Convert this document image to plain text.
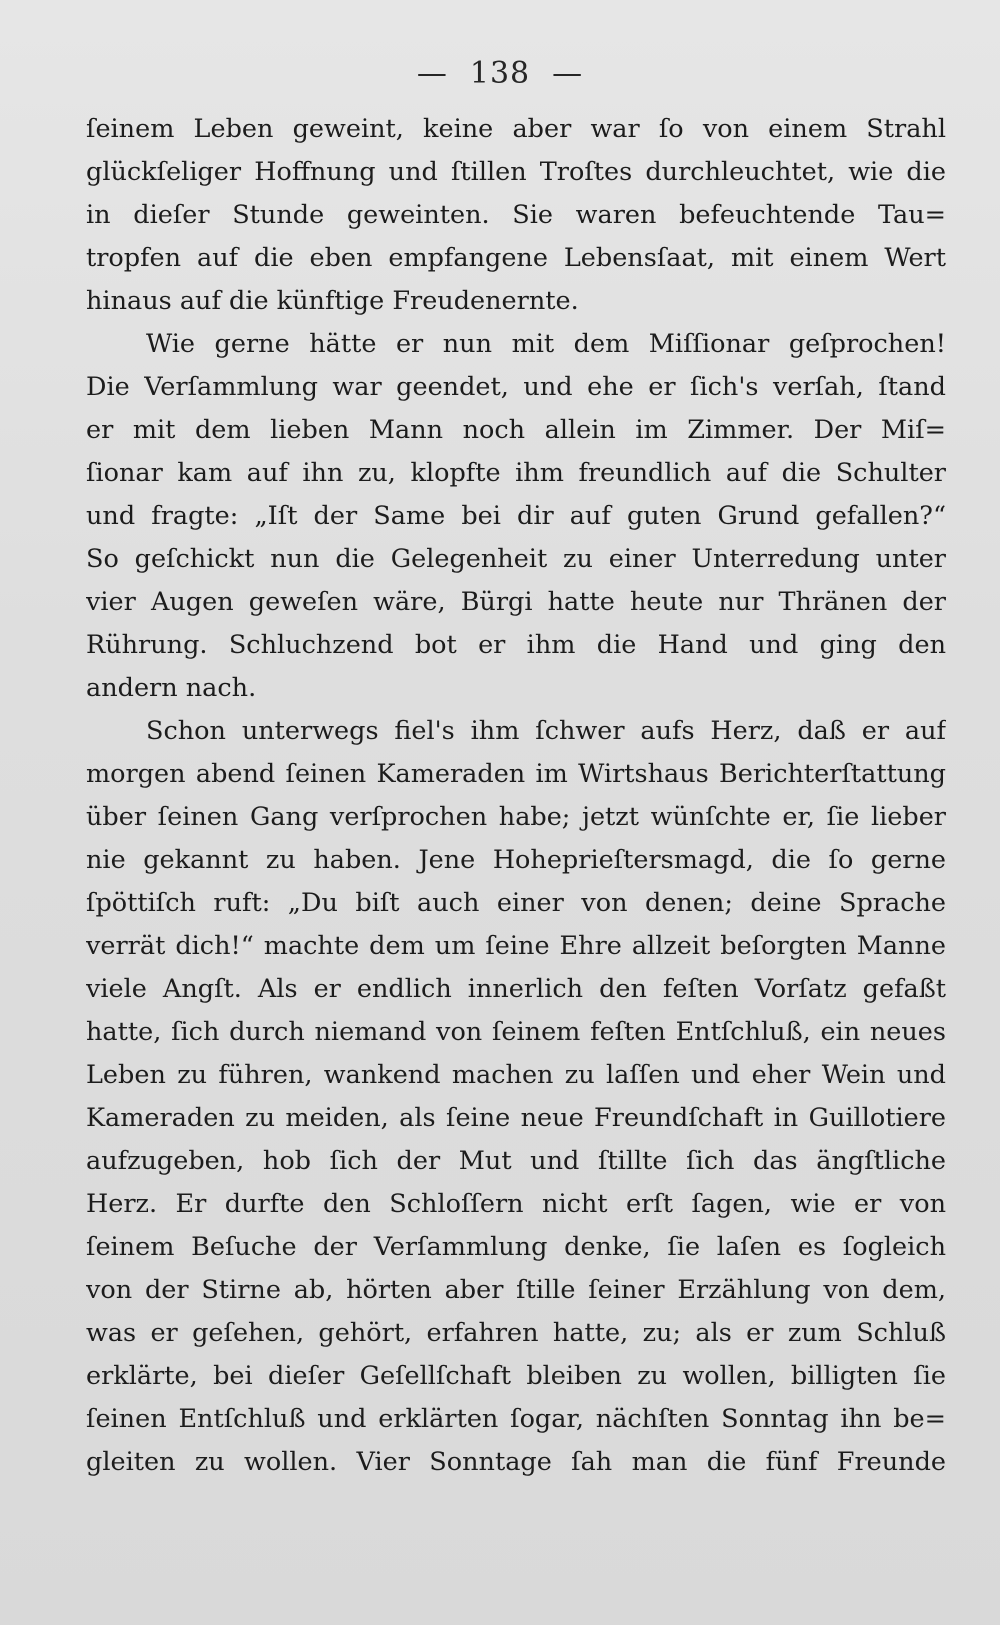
— 138 —
ſeinem Leben geweint, keine aber war ſo von einem Strahl
glückſeliger Hoffnung und ſtillen Troſtes durchleuchtet, wie die
in dieſer Stunde geweinten. Sie waren befeuchtende Tau=
tropfen auf die eben empfangene Lebensſaat, mit einem Wert
hinaus auf die künftige Freudenernte.
Wie gerne hätte er nun mit dem Miſſionar geſprochen!
Die Verſammlung war geendet, und ehe er ſich's verſah, ſtand
er mit dem lieben Mann noch allein im Zimmer. Der Miſ=
ſionar kam auf ihn zu, klopfte ihm freundlich auf die Schulter
und fragte: „Iſt der Same bei dir auf guten Grund gefallen?“
So geſchickt nun die Gelegenheit zu einer Unterredung unter
vier Augen geweſen wäre, Bürgi hatte heute nur Thränen der
Rührung. Schluchzend bot er ihm die Hand und ging den
andern nach.
Schon unterwegs fiel's ihm ſchwer aufs Herz, daß er auf
morgen abend ſeinen Kameraden im Wirtshaus Berichterſtattung
über ſeinen Gang verſprochen habe; jetzt wünſchte er, ſie lieber
nie gekannt zu haben. Jene Hoheprieſtersmagd, die ſo gerne
ſpöttiſch ruft: „Du biſt auch einer von denen; deine Sprache
verrät dich!“ machte dem um ſeine Ehre allzeit beſorgten Manne
viele Angſt. Als er endlich innerlich den feſten Vorſatz gefaßt
hatte, ſich durch niemand von ſeinem feſten Entſchluß, ein neues
Leben zu führen, wankend machen zu laſſen und eher Wein und
Kameraden zu meiden, als ſeine neue Freundſchaft in Guillotiere
aufzugeben, hob ſich der Mut und ſtillte ſich das ängſtliche
Herz. Er durfte den Schloſſern nicht erſt ſagen, wie er von
ſeinem Beſuche der Verſammlung denke, ſie laſen es ſogleich
von der Stirne ab, hörten aber ſtille ſeiner Erzählung von dem,
was er geſehen, gehört, erfahren hatte, zu; als er zum Schluß
erklärte, bei dieſer Geſellſchaft bleiben zu wollen, billigten ſie
ſeinen Entſchluß und erklärten ſogar, nächſten Sonntag ihn be=
gleiten zu wollen. Vier Sonntage ſah man die fünf Freunde
